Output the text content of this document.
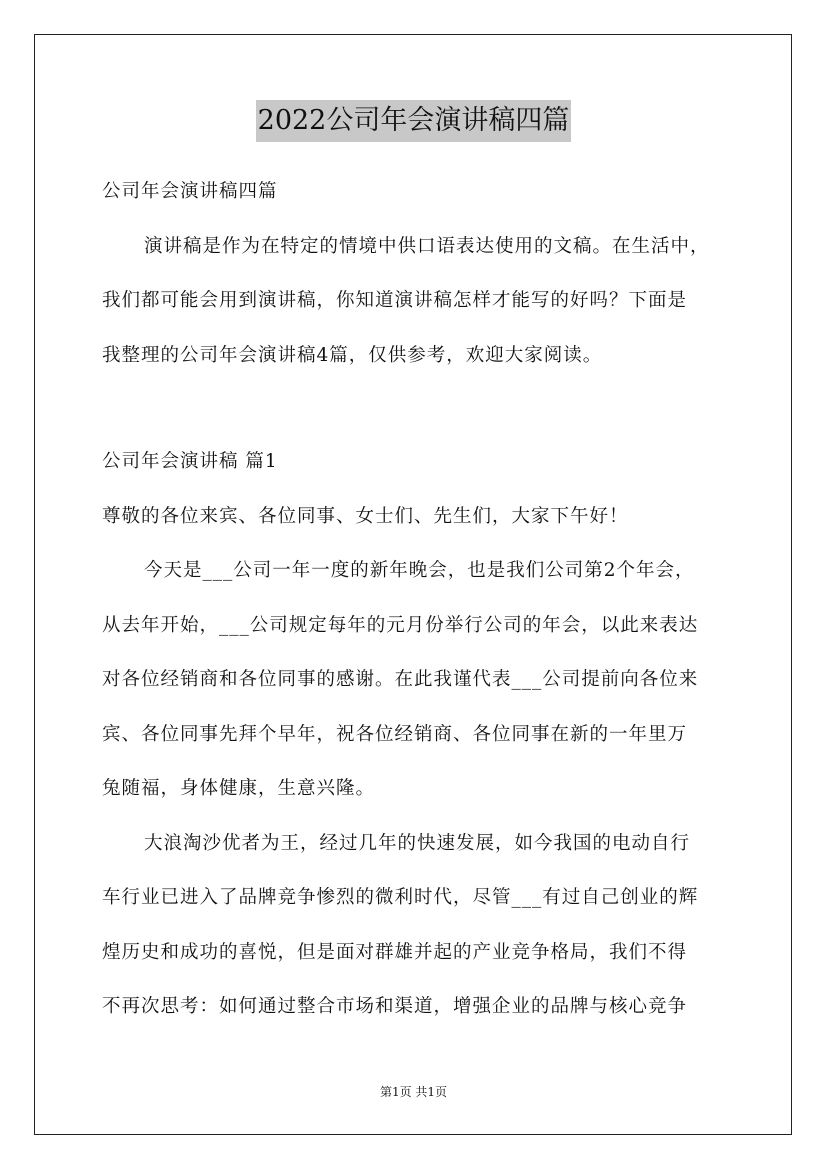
2022公司年会演讲稿四篇
公司年会演讲稿四篇
演讲稿是作为在特定的情境中供口语表达使用的文稿。在生活中，
我们都可能会用到演讲稿，你知道演讲稿怎样才能写的好吗？下面是
我整理的公司年会演讲稿4篇，仅供参考，欢迎大家阅读。
公司年会演讲稿 篇1
尊敬的各位来宾、各位同事、女士们、先生们，大家下午好！
今天是___公司一年一度的新年晚会，也是我们公司第2个年会，
从去年开始，___公司规定每年的元月份举行公司的年会，以此来表达
对各位经销商和各位同事的感谢。在此我谨代表___公司提前向各位来
宾、各位同事先拜个早年，祝各位经销商、各位同事在新的一年里万
兔随福，身体健康，生意兴隆。
大浪淘沙优者为王，经过几年的快速发展，如今我国的电动自行
车行业已进入了品牌竞争惨烈的微利时代，尽管___有过自己创业的辉
煌历史和成功的喜悦，但是面对群雄并起的产业竞争格局，我们不得
不再次思考：如何通过整合市场和渠道，增强企业的品牌与核心竞争
第1页 共1页
